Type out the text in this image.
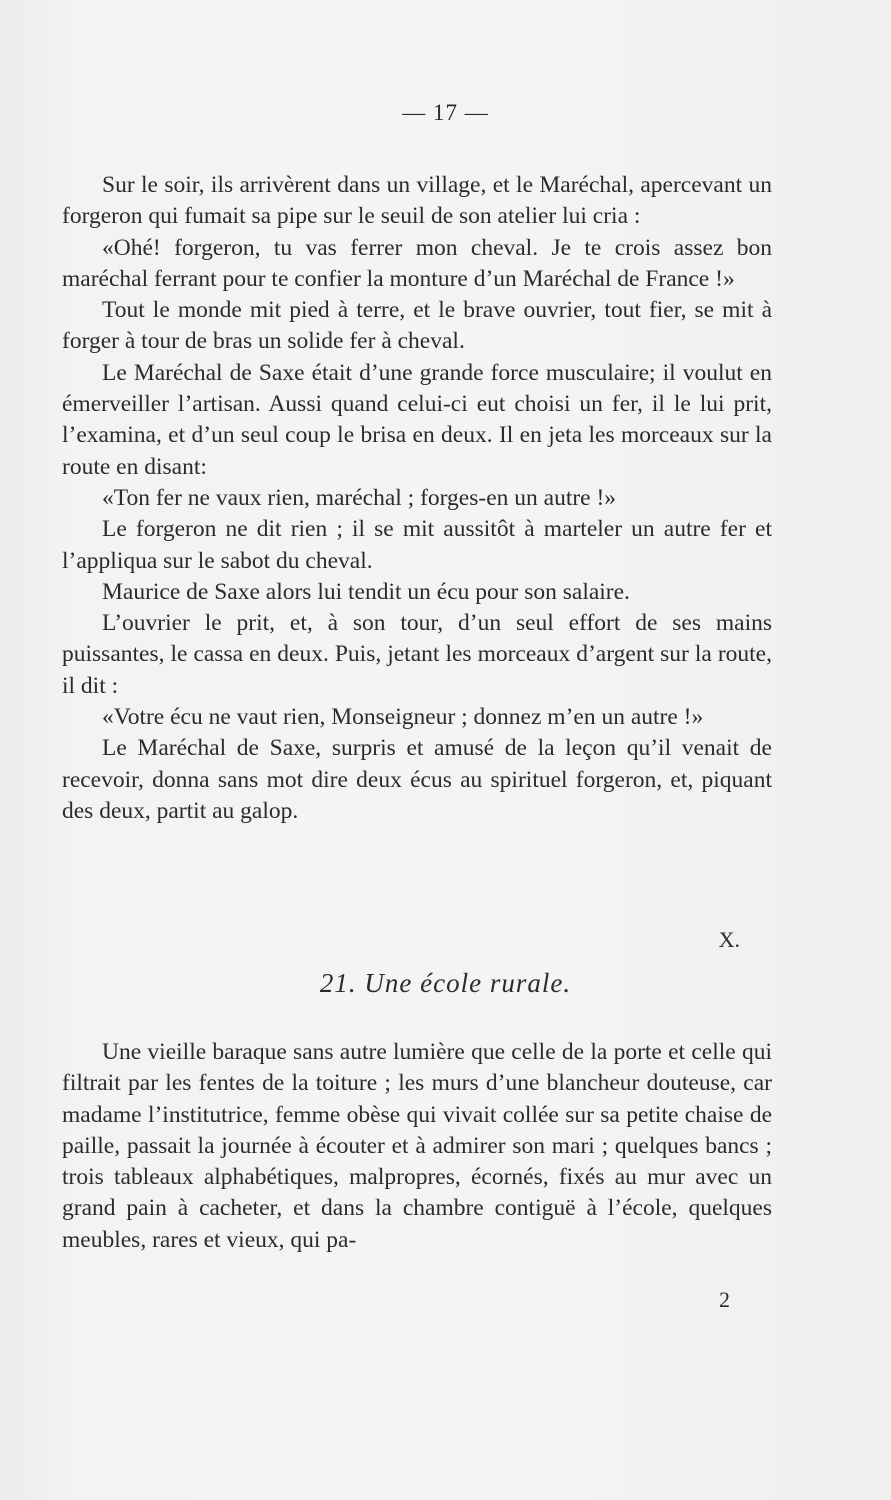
— 17 —

Sur le soir, ils arrivèrent dans un village, et le Maréchal, apercevant un forgeron qui fumait sa pipe sur le seuil de son atelier lui cria :

«Ohé! forgeron, tu vas ferrer mon cheval. Je te crois assez bon maréchal ferrant pour te confier la monture d’un Maréchal de France !»

Tout le monde mit pied à terre, et le brave ouvrier, tout fier, se mit à forger à tour de bras un solide fer à cheval.

Le Maréchal de Saxe était d’une grande force musculaire; il voulut en émerveiller l’artisan. Aussi quand celui-ci eut choisi un fer, il le lui prit, l’examina, et d’un seul coup le brisa en deux. Il en jeta les morceaux sur la route en disant:

«Ton fer ne vaux rien, maréchal ; forges-en un autre !»

Le forgeron ne dit rien ; il se mit aussitôt à marteler un autre fer et l’appliqua sur le sabot du cheval.

Maurice de Saxe alors lui tendit un écu pour son salaire.

L’ouvrier le prit, et, à son tour, d’un seul effort de ses mains puissantes, le cassa en deux. Puis, jetant les morceaux d’argent sur la route, il dit :

«Votre écu ne vaut rien, Monseigneur ; donnez m’en un autre !»

Le Maréchal de Saxe, surpris et amusé de la leçon qu’il venait de recevoir, donna sans mot dire deux écus au spirituel forgeron, et, piquant des deux, partit au galop.

X.
21. Une école rurale.

Une vieille baraque sans autre lumière que celle de la porte et celle qui filtrait par les fentes de la toiture ; les murs d’une blancheur douteuse, car madame l’institutrice, femme obèse qui vivait collée sur sa petite chaise de paille, passait la journée à écouter et à admirer son mari ; quelques bancs ; trois tableaux alphabétiques, malpropres, écornés, fixés au mur avec un grand pain à cacheter, et dans la chambre contiguë à l’école, quelques meubles, rares et vieux, qui pa-

2
